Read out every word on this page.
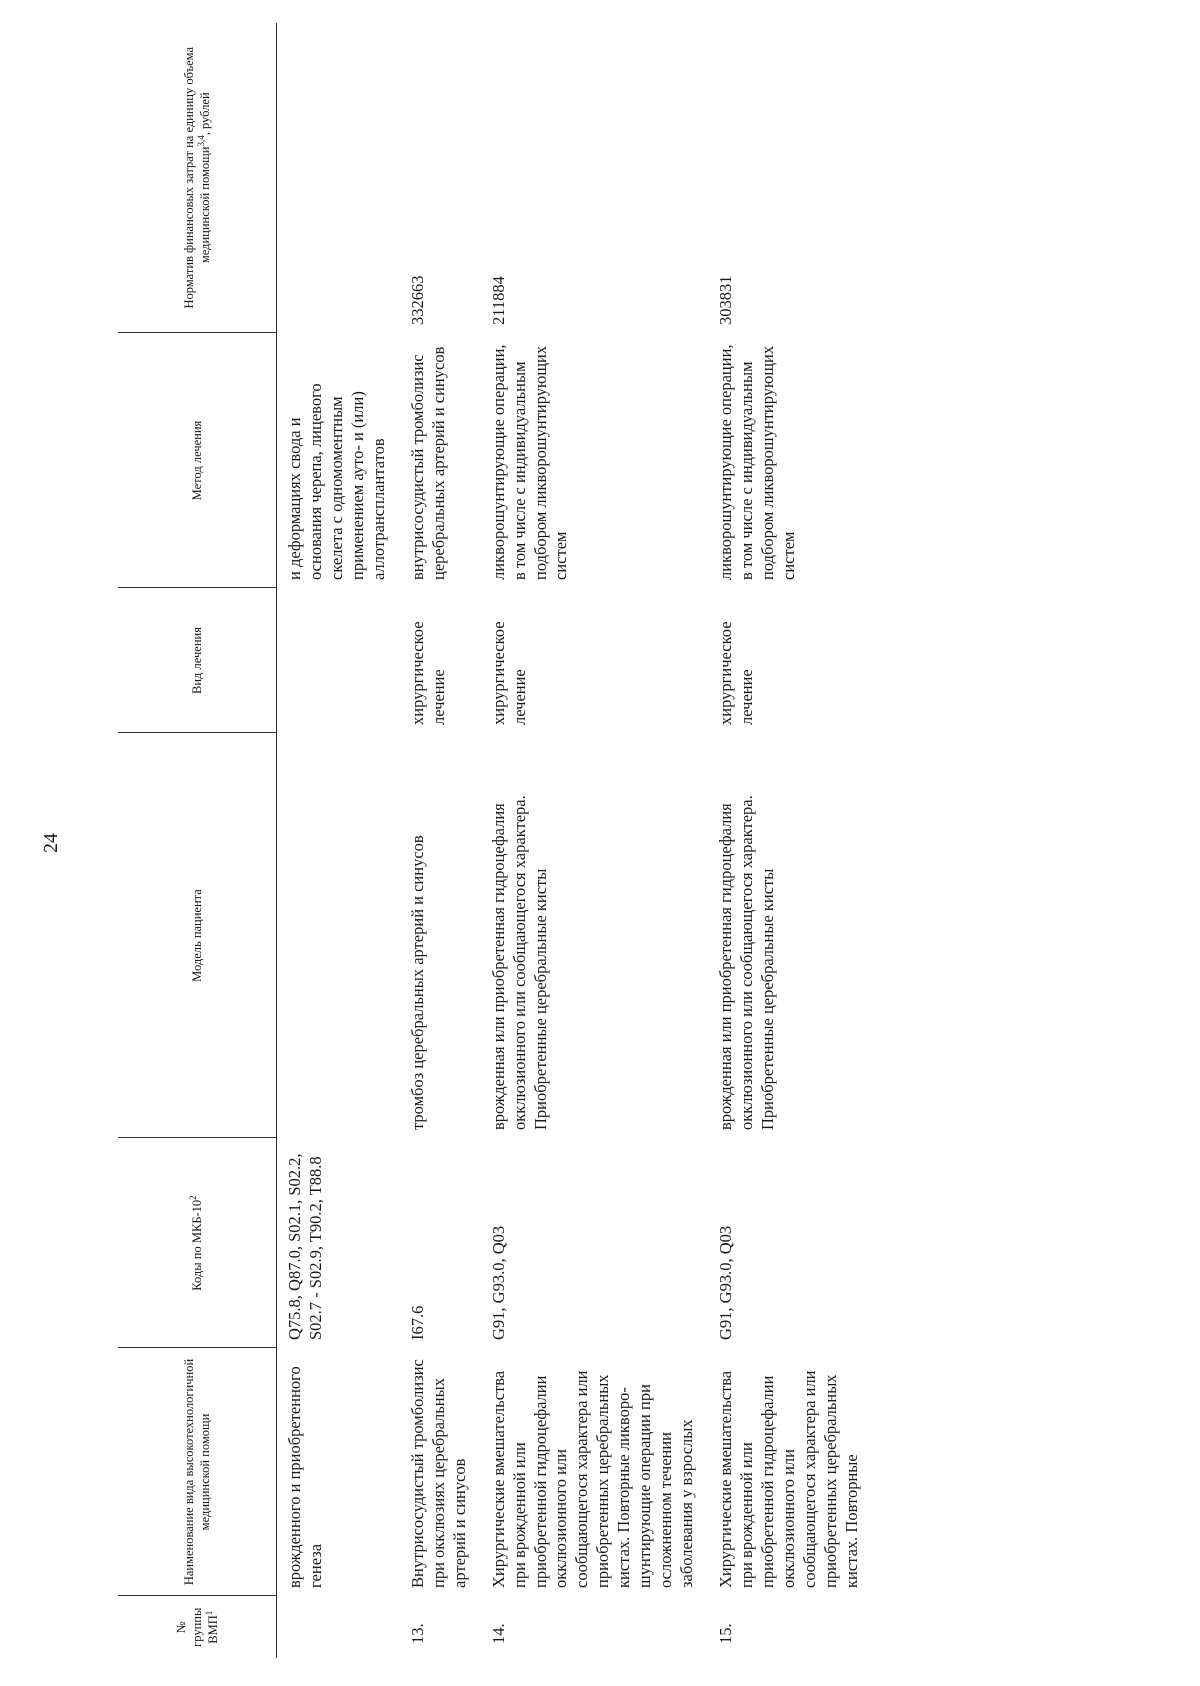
24
№ группы ВМП$^1$	Наименование вида высокотехнологичной медицинской помощи	Коды по МКБ-$10^2$	Модель пациента	Вид лечения	Метод лечения	Норматив финансовых затрат на единицу объема медицинской помощи$^{3,4}$, рублей
	врожденного и приобретенного генеза	Q75.8, Q87.0, S02.1, S02.2, S02.7 - S02.9, T90.2, T88.8			и деформациях свода и основания черепа, лицевого скелета с одномоментным применением ауто- и (или) аллотрансплантатов	
13.	Внутрисосудистый тромболизис при окклюзиях церебральных артерий и синусов	I67.6	тромбоз церебральных артерий и синусов	хирургическое лечение	внутрисосудистый тромболизис церебральных артерий и синусов	332663
14.	Хирургические вмешательства при врожденной или приобретенной гидроцефалии окклюзионного или сообщающегося характера или приобретенных церебральных кистах. Повторные ликворо-шунтирующие операции при осложненном течении заболевания у взрослых	G91, G93.0, Q03	врожденная или приобретенная гидроцефалия окклюзионного или сообщающегося характера. Приобретенные церебральные кисты	хирургическое лечение	ликворошунтирующие операции, в том числе с индивидуальным подбором ликворошунтирующих систем	211884
15.	Хирургические вмешательства при врожденной или приобретенной гидроцефалии окклюзионного или сообщающегося характера или приобретенных церебральных кистах. Повторные	G91, G93.0, Q03	врожденная или приобретенная гидроцефалия окклюзионного или сообщающегося характера. Приобретенные церебральные кисты	хирургическое лечение	ликворошунтирующие операции, в том числе с индивидуальным подбором ликворошунтирующих систем	303831
